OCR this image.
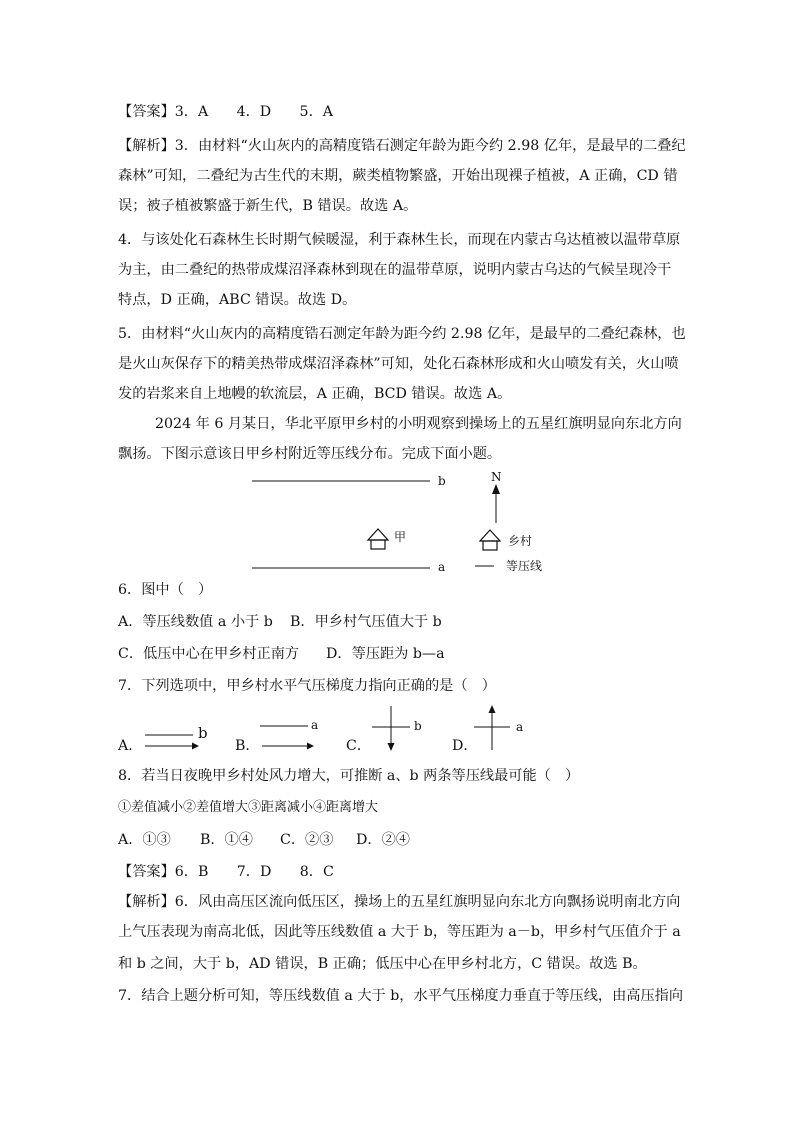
【答案】3．A　　4．D　　5．A
【解析】3．由材料“火山灰内的高精度锆石测定年龄为距今约 2.98 亿年，是最早的二叠纪
森林”可知，二叠纪为古生代的末期，蕨类植物繁盛，开始出现裸子植被，A 正确，CD 错
误；被子植被繁盛于新生代，B 错误。故选 A。
4．与该处化石森林生长时期气候暖湿，利于森林生长，而现在内蒙古乌达植被以温带草原
为主，由二叠纪的热带成煤沼泽森林到现在的温带草原，说明内蒙古乌达的气候呈现冷干
特点，D 正确，ABC 错误。故选 D。
5．由材料“火山灰内的高精度锆石测定年龄为距今约 2.98 亿年，是最早的二叠纪森林，也
是火山灰保存下的精美热带成煤沼泽森林”可知，处化石森林形成和火山喷发有关，火山喷
发的岩浆来自上地幔的软流层，A 正确，BCD 错误。故选 A。
2024 年 6 月某日，华北平原甲乡村的小明观察到操场上的五星红旗明显向东北方向
飘扬。下图示意该日甲乡村附近等压线分布。完成下面小题。
b
a
甲
N
乡村
等压线
6．图中（　）
A．等压线数值 a 小于 b B．甲乡村气压值大于 b
C．低压中心在甲乡村正南方 D．等压距为 b—a
7．下列选项中，甲乡村水平气压梯度力指向正确的是（　）
A．	B．	C．	D．
b	a	b	a
8．若当日夜晚甲乡村处风力增大，可推断 a、b 两条等压线最可能（　）
①差值减小②差值增大③距离减小④距离增大
A．①③ B．①④ C．②③ D．②④
【答案】6．B　　7．D　　8．C
【解析】6．风由高压区流向低压区，操场上的五星红旗明显向东北方向飘扬说明南北方向
上气压表现为南高北低，因此等压线数值 a 大于 b，等压距为 a－b，甲乡村气压值介于 a
和 b 之间，大于 b，AD 错误，B 正确；低压中心在甲乡村北方，C 错误。故选 B。
7．结合上题分析可知，等压线数值 a 大于 b，水平气压梯度力垂直于等压线，由高压指向
